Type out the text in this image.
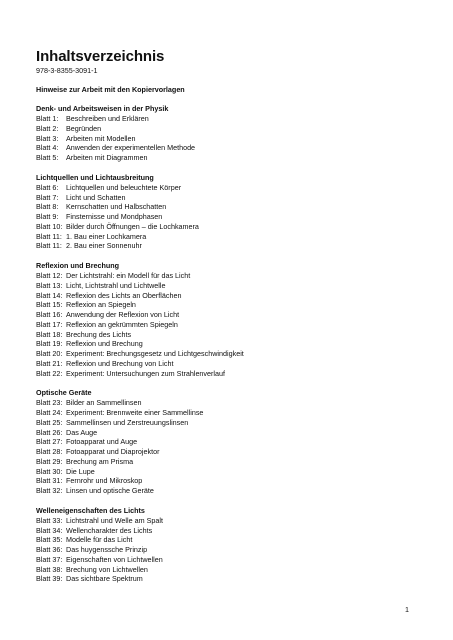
Inhaltsverzeichnis
978-3-8355-3091-1
Hinweise zur Arbeit mit den Kopiervorlagen
Denk- und Arbeitsweisen in der Physik
Blatt 1:	Beschreiben und Erklären
Blatt 2:	Begründen
Blatt 3:	Arbeiten mit Modellen
Blatt 4:	Anwenden der experimentellen Methode
Blatt 5:	Arbeiten mit Diagrammen
Lichtquellen und Lichtausbreitung
Blatt 6:	Lichtquellen und beleuchtete Körper
Blatt 7:	Licht und Schatten
Blatt 8:	Kernschatten und Halbschatten
Blatt 9:	Finsternisse und Mondphasen
Blatt 10: Bilder durch Öffnungen – die Lochkamera
Blatt 11: 1. Bau einer Lochkamera
Blatt 11: 2. Bau einer Sonnenuhr
Reflexion und Brechung
Blatt 12: Der Lichtstrahl: ein Modell für das Licht
Blatt 13: Licht, Lichtstrahl und Lichtwelle
Blatt 14: Reflexion des Lichts an Oberflächen
Blatt 15: Reflexion an Spiegeln
Blatt 16: Anwendung der Reflexion von Licht
Blatt 17: Reflexion an gekrümmten Spiegeln
Blatt 18: Brechung des Lichts
Blatt 19: Reflexion und Brechung
Blatt 20: Experiment: Brechungsgesetz und Lichtgeschwindigkeit
Blatt 21: Reflexion und Brechung von Licht
Blatt 22: Experiment: Untersuchungen zum Strahlenverlauf
Optische Geräte
Blatt 23: Bilder an Sammellinsen
Blatt 24: Experiment: Brennweite einer Sammellinse
Blatt 25: Sammellinsen und Zerstreuungslinsen
Blatt 26: Das Auge
Blatt 27: Fotoapparat und Auge
Blatt 28: Fotoapparat und Diaprojektor
Blatt 29: Brechung am Prisma
Blatt 30: Die Lupe
Blatt 31: Fernrohr und Mikroskop
Blatt 32: Linsen und optische Geräte
Welleneigenschaften des Lichts
Blatt 33: Lichtstrahl und Welle am Spalt
Blatt 34: Wellencharakter des Lichts
Blatt 35: Modelle für das Licht
Blatt 36: Das huygenssche Prinzip
Blatt 37: Eigenschaften von Lichtwellen
Blatt 38: Brechung von Lichtwellen
Blatt 39: Das sichtbare Spektrum
1
